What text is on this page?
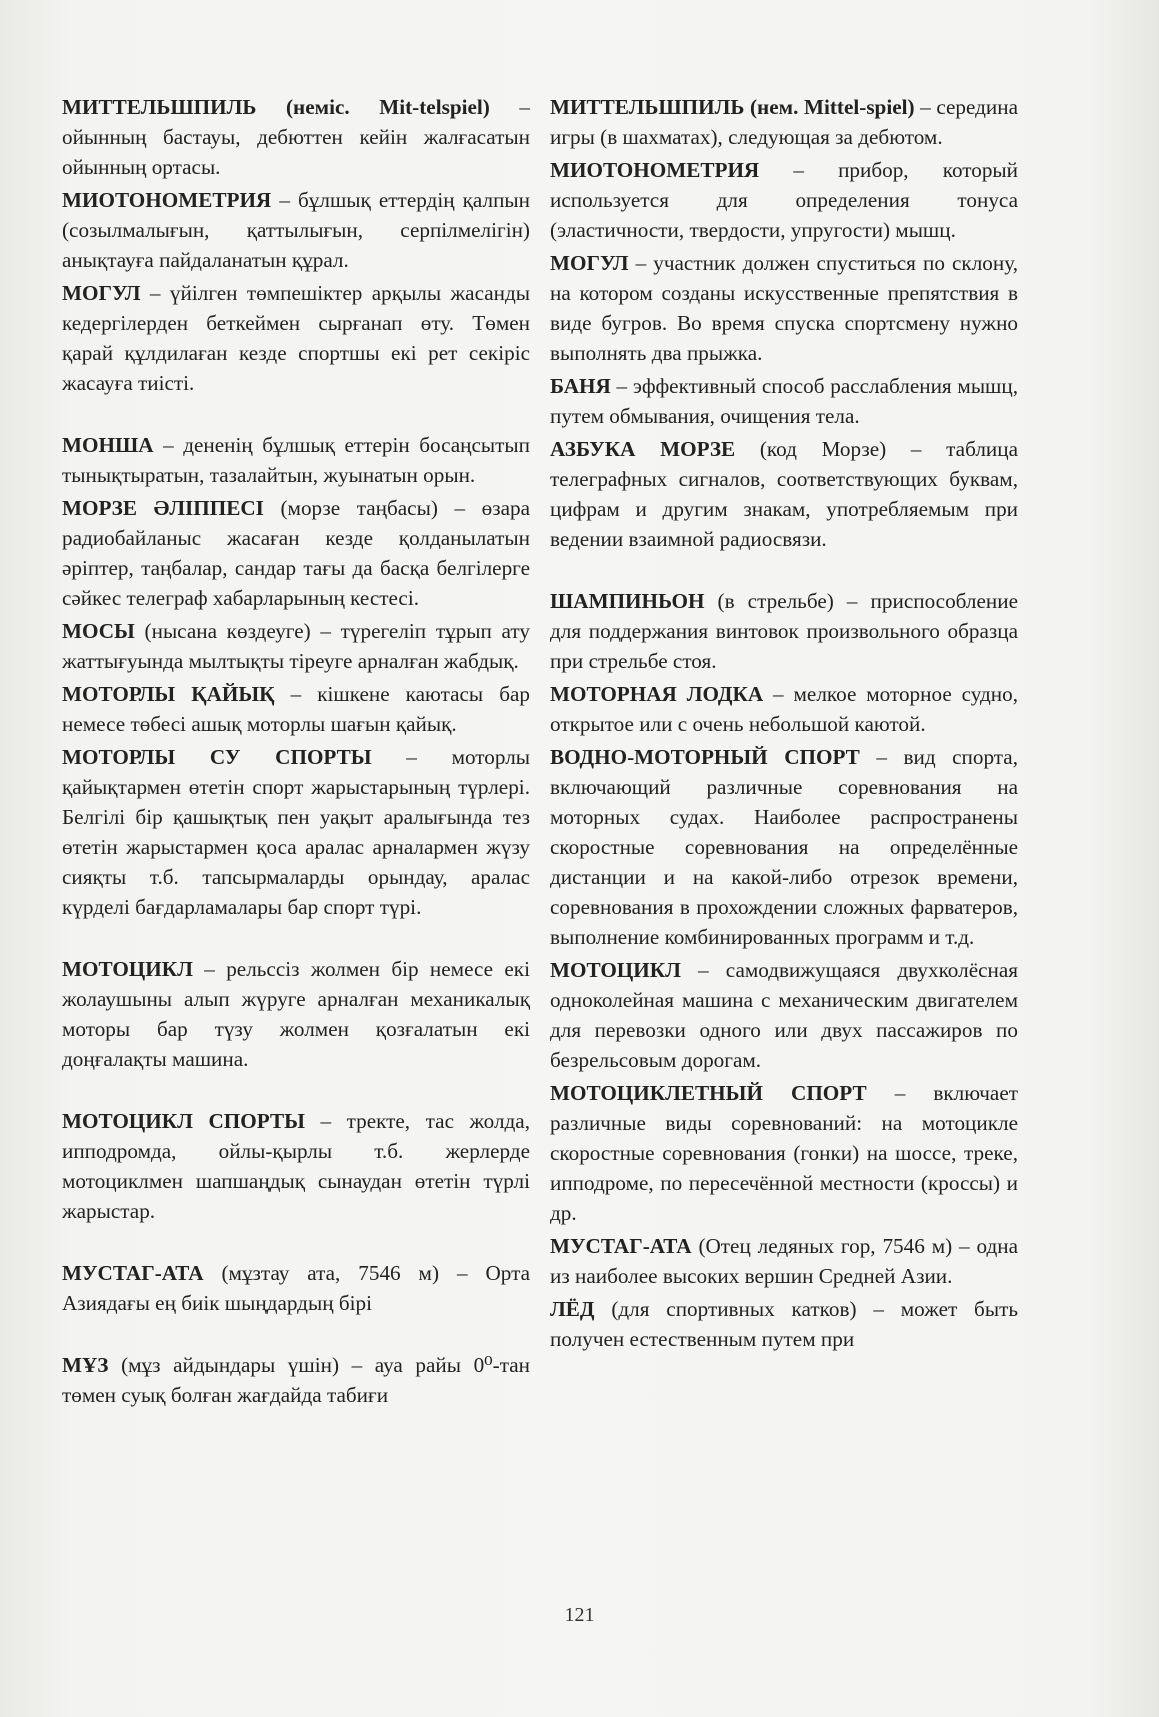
МИТТЕЛЬШПИЛЬ (неміс. Mit-telspiel) – ойынның бастауы, дебюттен кейін жалғасатын ойынның ортасы.

МИОТОНОМЕТРИЯ – бұлшық еттердің қалпын (созылмалығын, қаттылығын, серпілмелігін) анықтауға пайдаланатын құрал.

МОГУЛ – үйілген төмпешіктер арқылы жасанды кедергілерден беткеймен сырғанап өту. Төмен қарай құлдилаған кезде спортшы екі рет секіріс жасауға тиісті.

МОНША – дененің бұлшық еттерін босаңсытып тынықтыратын, тазалайтын, жуынатын орын.

МОРЗЕ ӘЛІППЕСІ (морзе таңбасы) – өзара радиобайланыс жасаған кезде қолданылатын әріптер, таңбалар, сандар тағы да басқа белгілерге сәйкес телеграф хабарларының кестесі.

МОСЫ (нысана көздеуге) – түрегеліп тұрып ату жаттығуында мылтықты тіреуге арналған жабдық.

МОТОРЛЫ ҚАЙЫҚ – кішкене каютасы бар немесе төбесі ашық моторлы шағын қайық.

МОТОРЛЫ СУ СПОРТЫ – моторлы қайықтармен өтетін спорт жарыстарының түрлері. Белгілі бір қашықтық пен уақыт аралығында тез өтетін жарыстармен қоса аралас арналармен жүзу сияқты т.б. тапсырмаларды орындау, аралас күрделі бағдарламалары бар спорт түрі.

МОТОЦИКЛ – рельссіз жолмен бір немесе екі жолаушыны алып жүруге арналған механикалық моторы бар түзу жолмен қозғалатын екі доңғалақты машина.

МОТОЦИКЛ СПОРТЫ – тректе, тас жолда, ипподромда, ойлы-қырлы т.б. жерлерде мотоциклмен шапшаңдық сынаудан өтетін түрлі жарыстар.

МУСТАГ-АТА (мұзтау ата, 7546 м) – Орта Азиядағы ең биік шыңдардың бірі

МҰЗ (мұз айдындары үшін) – ауа райы 0⁰-тан төмен суық болған жағдайда табиғи

МИТТЕЛЬШПИЛЬ (нем. Mittel-spiel) – середина игры (в шахматах), следующая за дебютом.

МИОТОНОМЕТРИЯ – прибор, который используется для определения тонуса (эластичности, твердости, упругости) мышц.

МОГУЛ – участник должен спуститься по склону, на котором созданы искусственные препятствия в виде бугров. Во время спуска спортсмену нужно выполнять два прыжка.

БАНЯ – эффективный способ расслабления мышц, путем обмывания, очищения тела.

АЗБУКА МОРЗЕ (код Морзе) – таблица телеграфных сигналов, соответствующих буквам, цифрам и другим знакам, употребляемым при ведении взаимной радиосвязи.

ШАМПИНЬОН (в стрельбе) – приспособление для поддержания винтовок произвольного образца при стрельбе стоя.

МОТОРНАЯ ЛОДКА – мелкое моторное судно, открытое или с очень небольшой каютой.

ВОДНО-МОТОРНЫЙ СПОРТ – вид спорта, включающий различные соревнования на моторных судах. Наиболее распространены скоростные соревнования на определённые дистанции и на какой-либо отрезок времени, соревнования в прохождении сложных фарватеров, выполнение комбинированных программ и т.д.

МОТОЦИКЛ – самодвижущаяся двухколёсная одноколейная машина с механическим двигателем для перевозки одного или двух пассажиров по безрельсовым дорогам.

МОТОЦИКЛЕТНЫЙ СПОРТ – включает различные виды соревнований: на мотоцикле скоростные соревнования (гонки) на шоссе, треке, ипподроме, по пересечённой местности (кроссы) и др.

МУСТАГ-АТА (Отец ледяных гор, 7546 м) – одна из наиболее высоких вершин Средней Азии.

ЛЁД (для спортивных катков) – может быть получен естественным путем при

121
